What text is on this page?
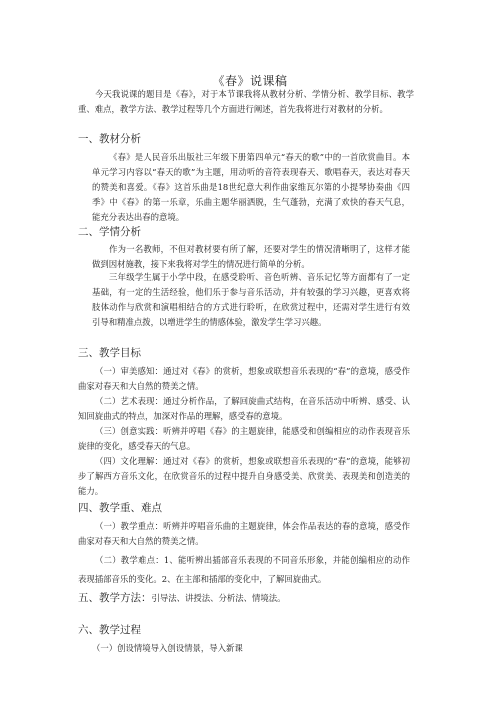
《春》说课稿

今天我说课的题目是《春》，对于本节课我将从教材分析、学情分析、教学目标、教学重、难点，教学方法、教学过程等几个方面进行阐述，首先我将进行对教材的分析。

一、教材分析

《春》是人民音乐出版社三年级下册第四单元“春天的歌”中的一首欣赏曲目。本单元学习内容以“春天的歌”为主题，用动听的音符表现春天、歌唱春天，表达对春天的赞美和喜爱。《春》这首乐曲是18世纪意大利作曲家维瓦尔第的小提琴协奏曲《四季》中《春》的第一乐章，乐曲主题华丽洒脱，生气蓬勃，充满了欢快的春天气息，能充分表达出春的意境。

二、学情分析

作为一名教师，不但对教材要有所了解，还要对学生的情况清晰明了，这样才能做到因材施教，接下来我将对学生的情况进行简单的分析。

三年级学生属于小学中段，在感受聆听、音色听辨、音乐记忆等方面都有了一定基础，有一定的生活经验，他们乐于参与音乐活动，并有较强的学习兴趣，更喜欢将肢体动作与欣赏和演唱相结合的方式进行聆听，在欣赏过程中，还需对学生进行有效引导和精准点拨，以增进学生的情感体验，激发学生学习兴趣。

三、教学目标

（一）审美感知：通过对《春》的赏析，想象或联想音乐表现的“春”的意境，感受作曲家对春天和大自然的赞美之情。

（二）艺术表现：通过分析作品，了解回旋曲式结构，在音乐活动中听辨、感受、认知回旋曲式的特点，加深对作品的理解，感受春的意境。

（三）创意实践：听辨并哼唱《春》的主题旋律，能感受和创编相应的动作表现音乐旋律的变化，感受春天的气息。

（四）文化理解：通过对《春》的赏析，想象或联想音乐表现的“春”的意境，能够初步了解西方音乐文化，在欣赏音乐的过程中提升自身感受美、欣赏美、表现美和创造美的能力。

四、教学重、难点

（一）教学重点：听辨并哼唱音乐曲的主题旋律，体会作品表达的春的意境，感受作曲家对春天和大自然的赞美之情。

（二）教学难点：1、能听辨出插部音乐表现的不同音乐形象，并能创编相应的动作表现插部音乐的变化。2、在主部和插部的变化中，了解回旋曲式。

五、教学方法：引导法、讲授法、分析法、情境法。
六、教学过程

（一）创设情境导入创设情景，导入新课
